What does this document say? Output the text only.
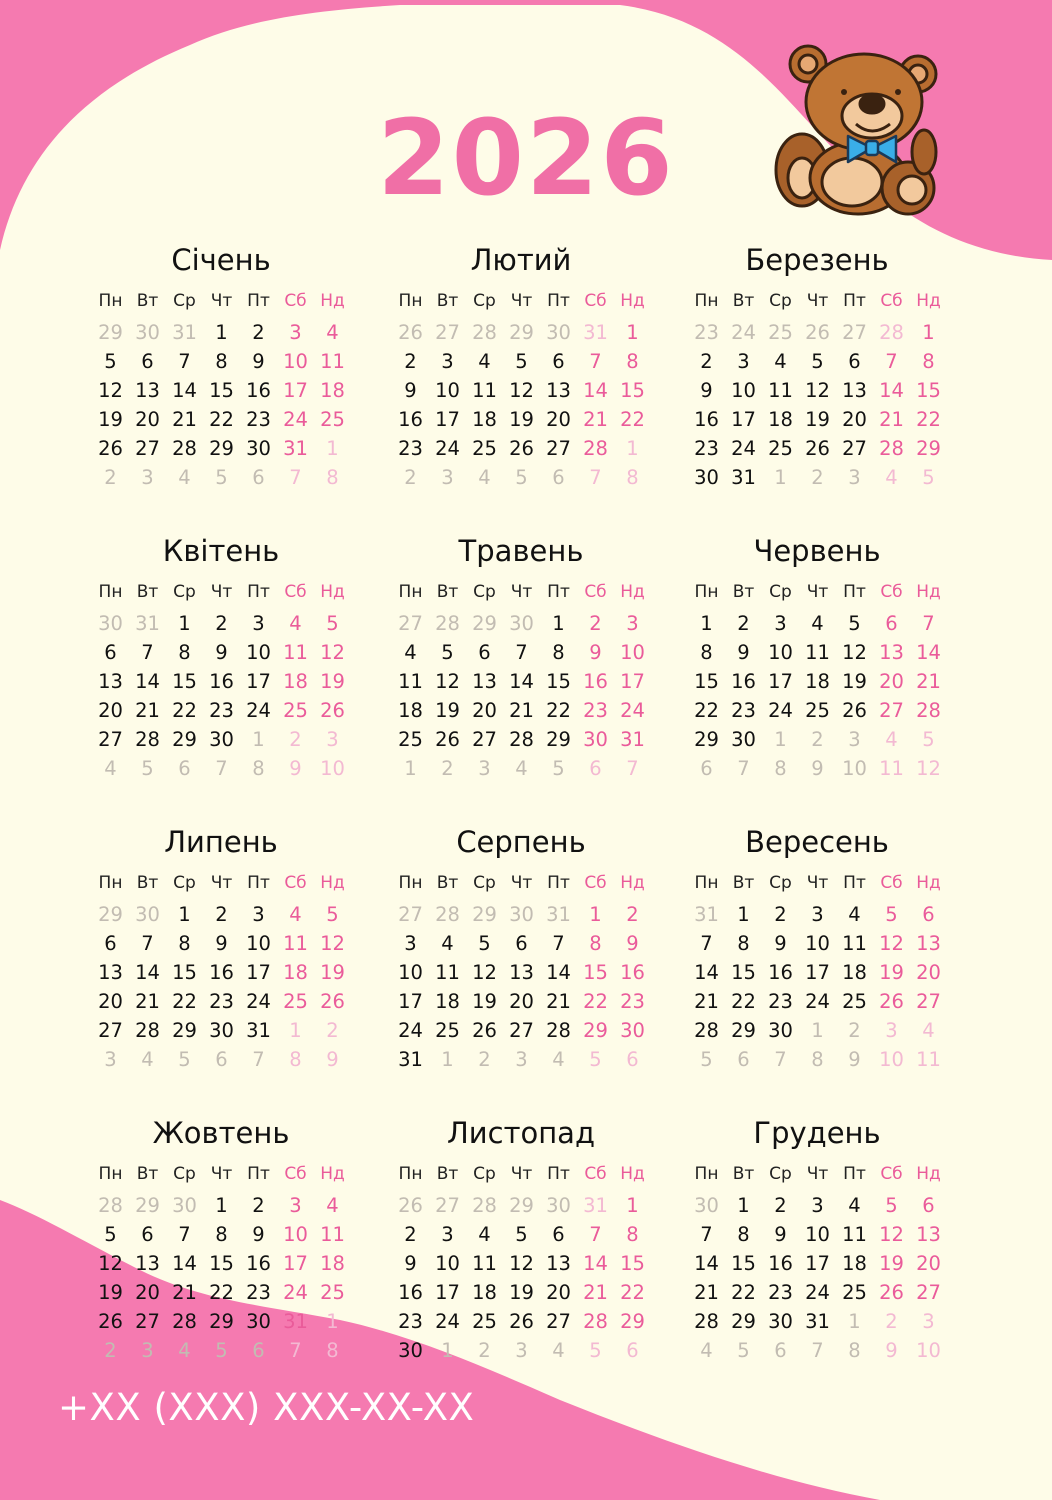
2026
Січень
Пн Вт Ср Чт Пт Сб Нд
29 30 31 1	2	3	4
5	6	7	8	9 10 11
12 13 14 15 16 17 18
19 20 21 22 23 24 25
26 27 28 29 30 31 1
2	3	4	5	6	7	8
Лютий
Пн Вт Ср Чт Пт Сб Нд
26 27 28 29 30 31 1
2	3	4	5	6	7	8
9 10 11 12 13 14 15
16 17 18 19 20 21 22
23 24 25 26 27 28 1
2	3	4	5	6	7	8
Березень
Пн Вт Ср Чт Пт Сб Нд
23 24 25 26 27 28 1
2	3	4	5	6	7	8
9 10 11 12 13 14 15
16 17 18 19 20 21 22
23 24 25 26 27 28 29
30 31 1	2	3	4	5
Квітень
Пн Вт Ср Чт Пт Сб Нд
30 31 1	2	3	4	5
6	7	8	9 10 11 12
13 14 15 16 17 18 19
20 21 22 23 24 25 26
27 28 29 30 1	2	3
4	5	6	7	8	9 10
Травень
Пн Вт Ср Чт Пт Сб Нд
27 28 29 30 1	2	3
4	5	6	7	8	9 10
11 12 13 14 15 16 17
18 19 20 21 22 23 24
25 26 27 28 29 30 31
1	2	3	4	5	6	7
Червень
Пн Вт Ср Чт Пт Сб Нд
1	2	3	4	5	6	7
8	9 10 11 12 13 14
15 16 17 18 19 20 21
22 23 24 25 26 27 28
29 30 1	2	3	4	5
6	7	8	9 10 11 12
Липень
Пн Вт Ср Чт Пт Сб Нд
29 30 1	2	3	4	5
6	7	8	9 10 11 12
13 14 15 16 17 18 19
20 21 22 23 24 25 26
27 28 29 30 31 1	2
3	4	5	6	7	8	9
Серпень
Пн Вт Ср Чт Пт Сб Нд
27 28 29 30 31 1	2
3	4	5	6	7	8	9
10 11 12 13 14 15 16
17 18 19 20 21 22 23
24 25 26 27 28 29 30
31 1	2	3	4	5	6
Вересень
Пн Вт Ср Чт Пт Сб Нд
31 1	2	3	4	5	6
7	8	9 10 11 12 13
14 15 16 17 18 19 20
21 22 23 24 25 26 27
28 29 30 1	2	3	4
5	6	7	8	9 10 11
Жовтень
Пн Вт Ср Чт Пт Сб Нд
28 29 30 1	2	3	4
5	6	7	8	9 10 11
12 13 14 15 16 17 18
19 20 21 22 23 24 25
26 27 28 29 30 31 1
2	3	4	5	6	7	8
Листопад
Пн Вт Ср Чт Пт Сб Нд
26 27 28 29 30 31 1
2	3	4	5	6	7	8
9 10 11 12 13 14 15
16 17 18 19 20 21 22
23 24 25 26 27 28 29
30 1	2	3	4	5	6
Грудень
Пн Вт Ср Чт Пт Сб Нд
30 1	2	3	4	5	6
7	8	9 10 11 12 13
14 15 16 17 18 19 20
21 22 23 24 25 26 27
28 29 30 31 1	2	3
4	5	6	7	8	9 10
+XX (XXX) XXX-XX-XX
